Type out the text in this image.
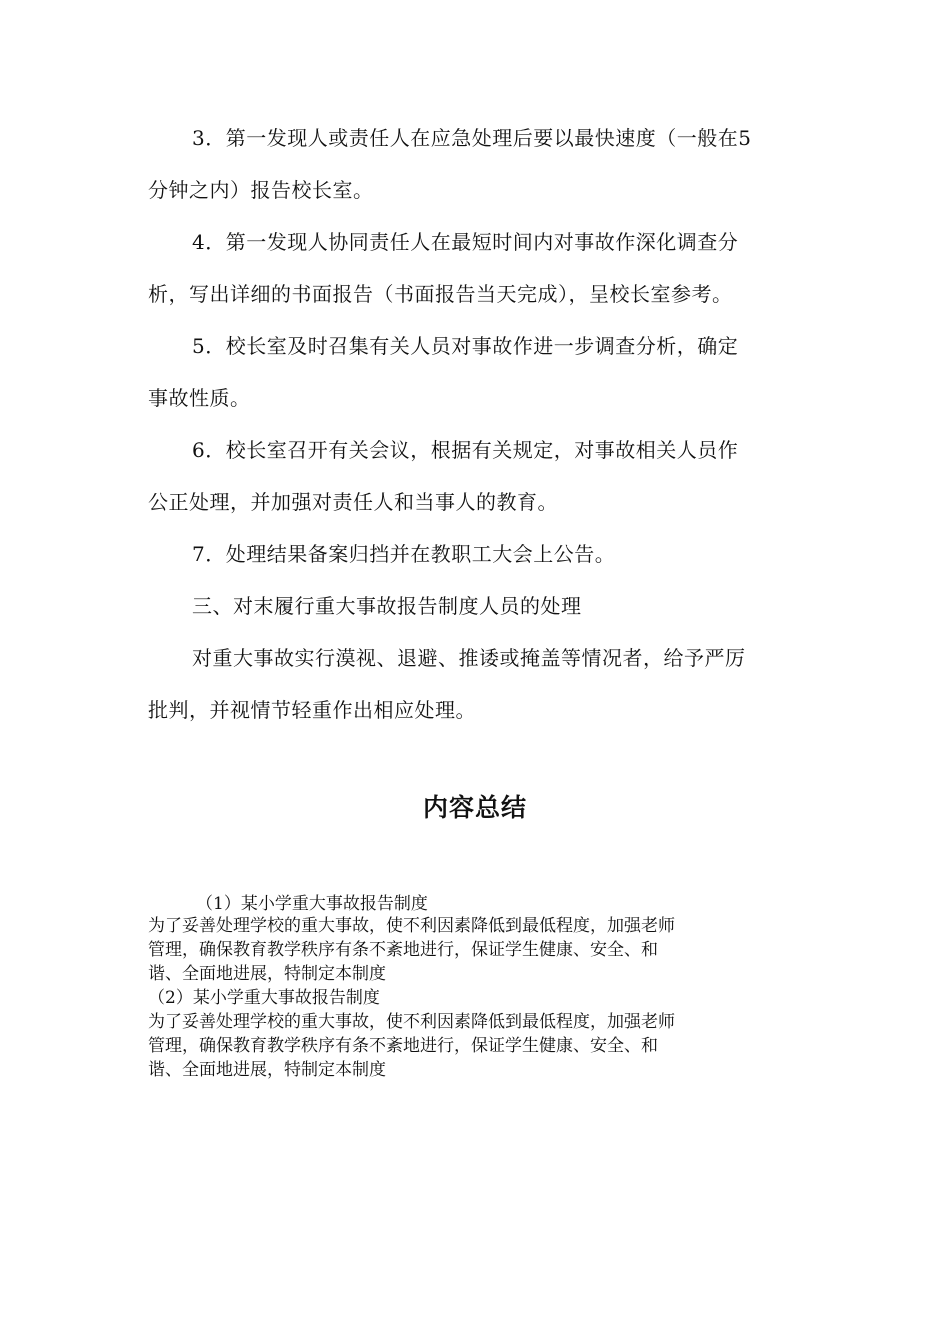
3．第一发现人或责任人在应急处理后要以最快速度（一般在5

分钟之内）报告校长室。

4．第一发现人协同责任人在最短时间内对事故作深化调查分

析，写出详细的书面报告（书面报告当天完成），呈校长室参考。

5．校长室及时召集有关人员对事故作进一步调查分析，确定

事故性质。

6．校长室召开有关会议，根据有关规定，对事故相关人员作

公正处理，并加强对责任人和当事人的教育。

7．处理结果备案归挡并在教职工大会上公告。

三、对末履行重大事故报告制度人员的处理

对重大事故实行漠视、退避、推诿或掩盖等情况者，给予严厉

批判，并视情节轻重作出相应处理。

内容总结

（1）某小学重大事故报告制度

为了妥善处理学校的重大事故，使不利因素降低到最低程度，加强老师

管理，确保教育教学秩序有条不紊地进行，保证学生健康、安全、和

谐、全面地进展，特制定本制度

（2）某小学重大事故报告制度

为了妥善处理学校的重大事故，使不利因素降低到最低程度，加强老师

管理，确保教育教学秩序有条不紊地进行，保证学生健康、安全、和

谐、全面地进展，特制定本制度
